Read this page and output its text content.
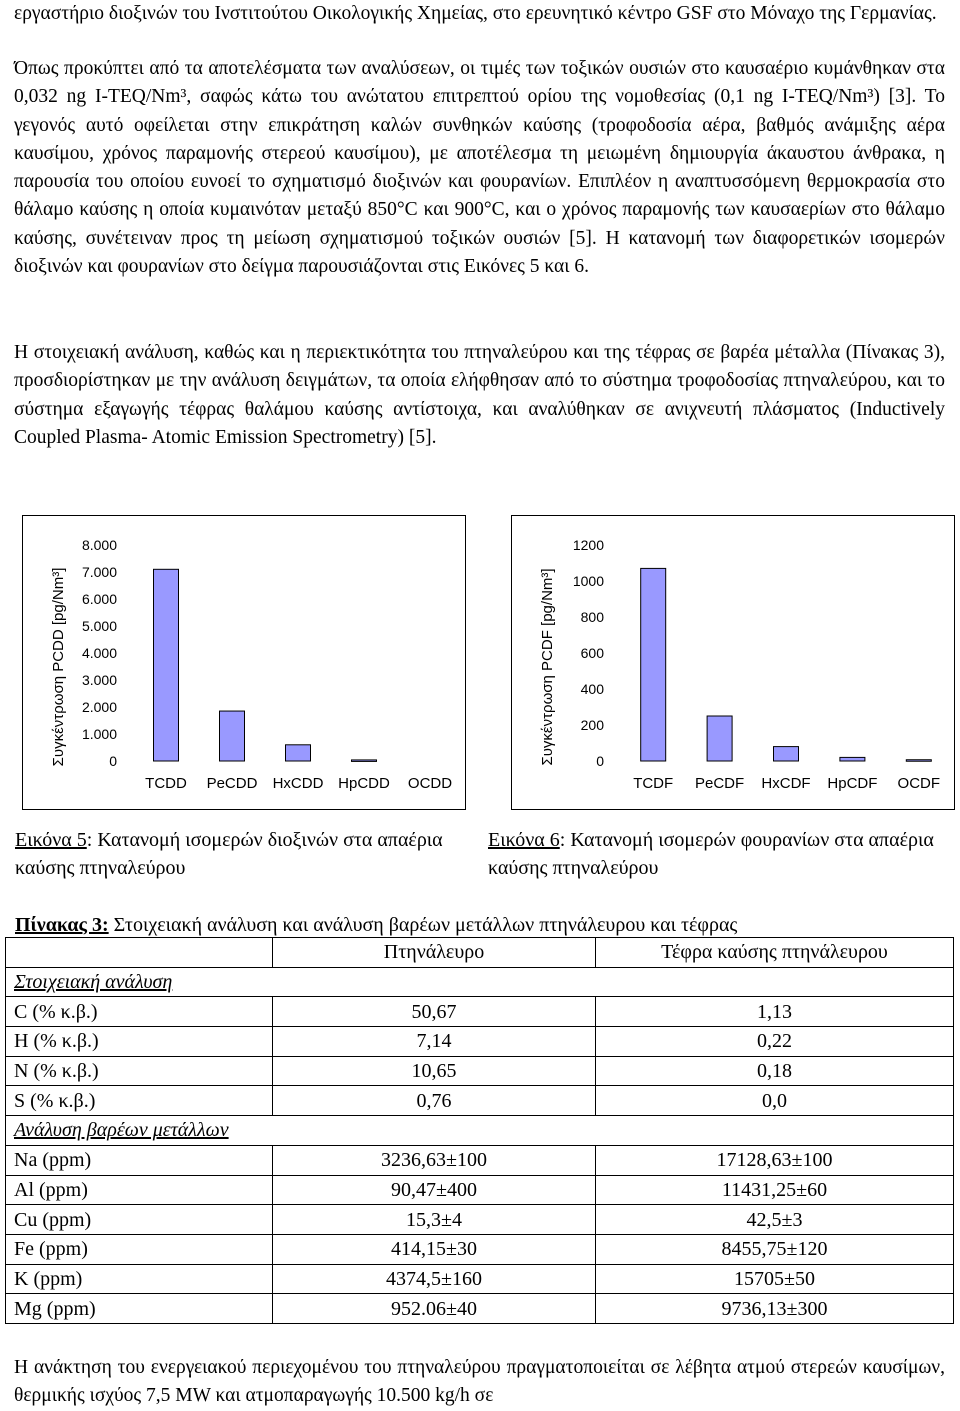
εργαστήριο διοξινών του Ινστιτούτου Οικολογικής Χημείας, στο ερευνητικό κέντρο GSF στο Μόναχο της Γερμανίας.

Όπως προκύπτει από τα αποτελέσματα των αναλύσεων, οι τιμές των τοξικών ουσιών στο καυσαέριο κυμάνθηκαν στα 0,032 ng I-TEQ/Nm³, σαφώς κάτω του ανώτατου επιτρεπτού ορίου της νομοθεσίας (0,1 ng I-TEQ/Nm³) [3]. Το γεγονός αυτό οφείλεται στην επικράτηση καλών συνθηκών καύσης (τροφοδοσία αέρα, βαθμός ανάμιξης αέρα καυσίμου, χρόνος παραμονής στερεού καυσίμου), με αποτέλεσμα τη μειωμένη δημιουργία άκαυστου άνθρακα, η παρουσία του οποίου ευνοεί το σχηματισμό διοξινών και φουρανίων. Επιπλέον η αναπτυσσόμενη θερμοκρασία στο θάλαμο καύσης η οποία κυμαινόταν μεταξύ 850°C και 900°C, και ο χρόνος παραμονής των καυσαερίων στο θάλαμο καύσης, συνέτειναν προς τη μείωση σχηματισμού τοξικών ουσιών [5]. Η κατανομή των διαφορετικών ισομερών διοξινών και φουρανίων στο δείγμα παρουσιάζονται στις Εικόνες 5 και 6.

Η στοιχειακή ανάλυση, καθώς και η περιεκτικότητα του πτηναλεύρου και της τέφρας σε βαρέα μέταλλα (Πίνακας 3), προσδιορίστηκαν με την ανάλυση δειγμάτων, τα οποία ελήφθησαν από το σύστημα τροφοδοσίας πτηναλεύρου, και το σύστημα εξαγωγής τέφρας θαλάμου καύσης αντίστοιχα, και αναλύθηκαν σε ανιχνευτή πλάσματος (Inductively Coupled Plasma- Atomic Emission Spectrometry) [5].

Συγκέντρωση PCDD [pg/Nm³]	0
1.000
2.000
3.000
4.000
5.000
6.000
7.000
8.000
TCDD PeCDD HxCDD HpCDD OCDD
Συγκέντρωση PCDF [pg/Nm³]	0
200
400
600
800
1000
1200
TCDF PeCDF HxCDF HpCDF OCDF
Εικόνα 5: Κατανομή ισομερών διοξινών στα απαέρια καύσης πτηναλεύρου
Εικόνα 6: Κατανομή ισομερών φουρανίων στα απαέρια καύσης πτηναλεύρου
Πίνακας 3: Στοιχειακή ανάλυση και ανάλυση βαρέων μετάλλων πτηνάλευρου και τέφρας
	Πτηνάλευρο	Τέφρα καύσης πτηνάλευρου
Στοιχειακή ανάλυση		
C (% κ.β.)	50,67	1,13
H (% κ.β.)	7,14	0,22
N (% κ.β.)	10,65	0,18
S (% κ.β.)	0,76	0,0
Ανάλυση βαρέων μετάλλων		
Na (ppm)	3236,63±100	17128,63±100
Al (ppm)	90,47±400	11431,25±60
Cu (ppm)	15,3±4	42,5±3
Fe (ppm)	414,15±30	8455,75±120
K (ppm)	4374,5±160	15705±50
Mg (ppm)	952.06±40	9736,13±300

Η ανάκτηση του ενεργειακού περιεχομένου του πτηναλεύρου πραγματοποιείται σε λέβητα ατμού στερεών καυσίμων, θερμικής ισχύος 7,5 MW και ατμοπαραγωγής 10.500 kg/h σε
